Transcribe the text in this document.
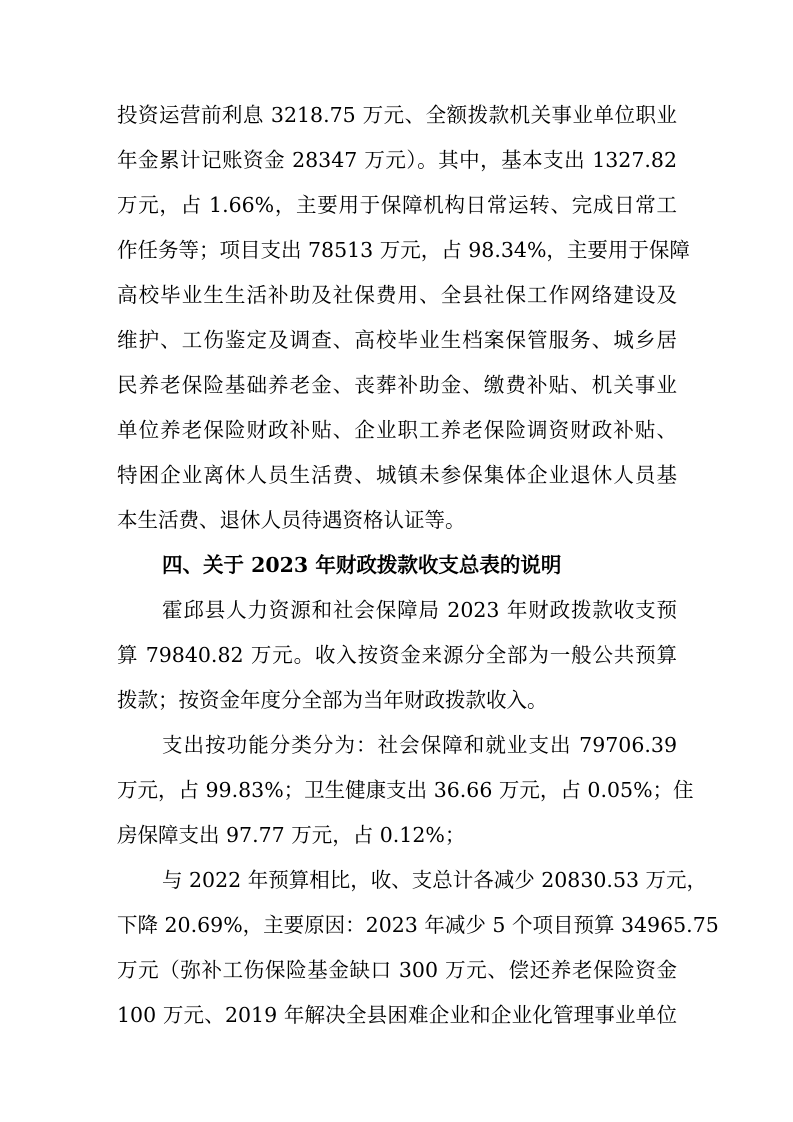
投资运营前利息 3218.75 万元、全额拨款机关事业单位职业
年金累计记账资金 28347 万元）。其中，基本支出 1327.82
万元，占 1.66%，主要用于保障机构日常运转、完成日常工
作任务等；项目支出 78513 万元，占 98.34%，主要用于保障
高校毕业生生活补助及社保费用、全县社保工作网络建设及
维护、工伤鉴定及调查、高校毕业生档案保管服务、城乡居
民养老保险基础养老金、丧葬补助金、缴费补贴、机关事业
单位养老保险财政补贴、企业职工养老保险调资财政补贴、
特困企业离休人员生活费、城镇未参保集体企业退休人员基
本生活费、退休人员待遇资格认证等。
四、关于 2023 年财政拨款收支总表的说明
霍邱县人力资源和社会保障局 2023 年财政拨款收支预
算 79840.82 万元。收入按资金来源分全部为一般公共预算
拨款；按资金年度分全部为当年财政拨款收入。
支出按功能分类分为：社会保障和就业支出 79706.39
万元，占 99.83%；卫生健康支出 36.66 万元，占 0.05%；住
房保障支出 97.77 万元，占 0.12%；
与 2022 年预算相比，收、支总计各减少 20830.53 万元，
下降 20.69%，主要原因：2023 年减少 5 个项目预算 34965.75
万元（弥补工伤保险基金缺口 300 万元、偿还养老保险资金
100 万元、2019 年解决全县困难企业和企业化管理事业单位
